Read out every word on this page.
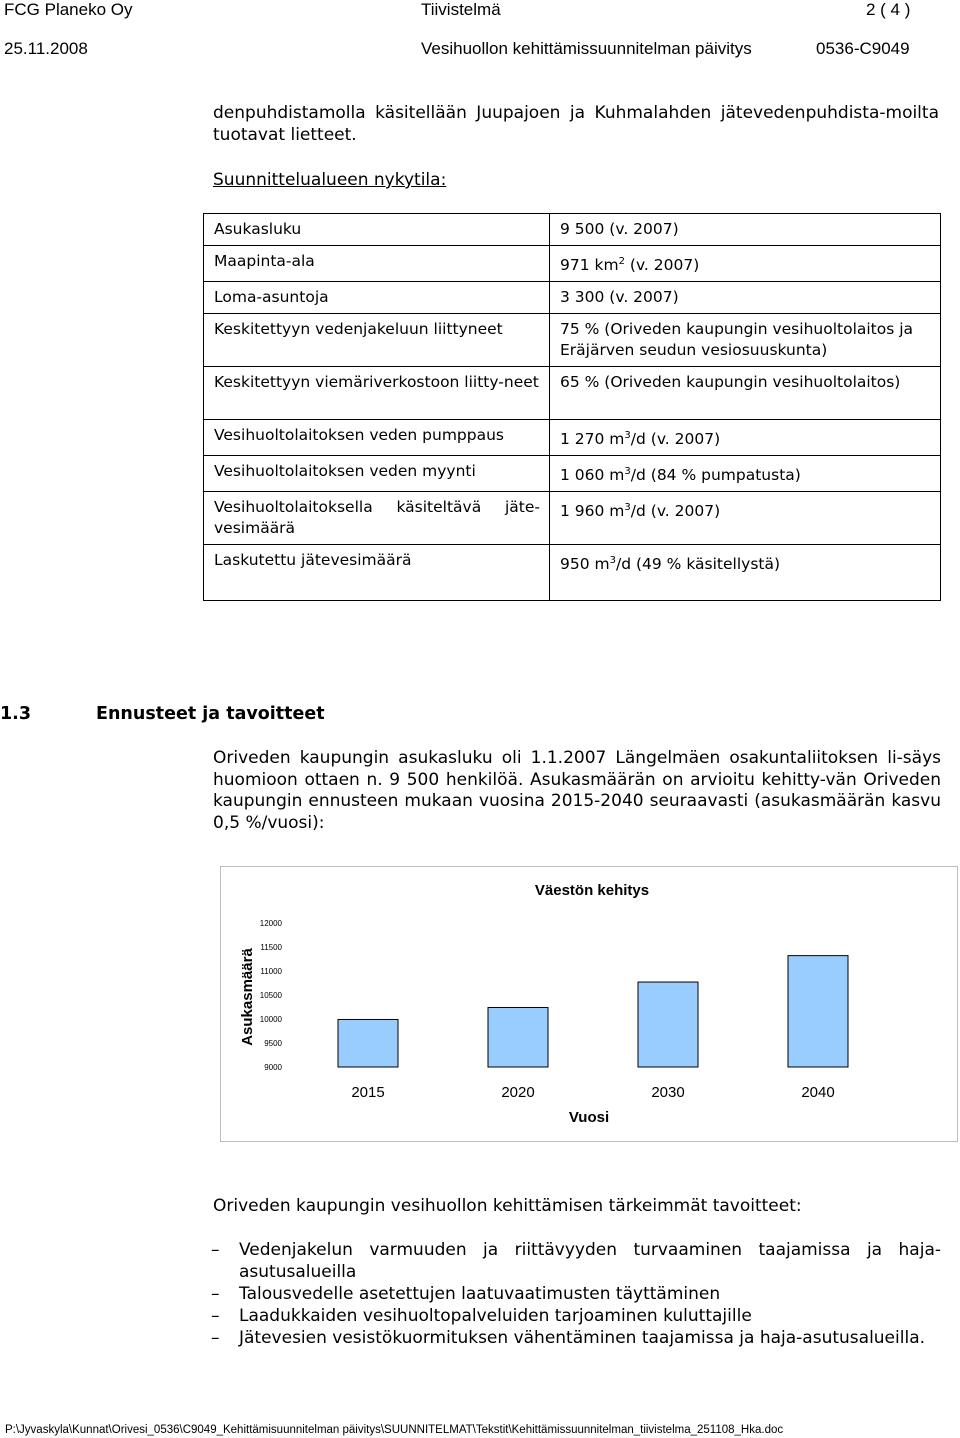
FCG Planeko Oy	Tiivistelmä	2 ( 4 )
25.11.2008	Vesihuollon kehittämissuunnitelman päivitys	0536-C9049
denpuhdistamolla käsitellään Juupajoen ja Kuhmalahden jätevedenpuhdista-moilta tuotavat lietteet.
Suunnittelualueen nykytila:
Asukasluku	9 500 (v. 2007)
Maapinta-ala	971 $km^2$ (v. 2007)
Loma-asuntoja	3 300 (v. 2007)
Keskitettyyn vedenjakeluun liittyneet	75 % (Oriveden kaupungin vesihuoltolaitos ja Eräjärven seudun vesiosuuskunta)
Keskitettyyn viemäriverkostoon liitty-neet	65 % (Oriveden kaupungin vesihuoltolaitos)
Vesihuoltolaitoksen veden pumppaus	1 270 $m^3/d$ (v. 2007)
Vesihuoltolaitoksen veden myynti	1 060 $m^3/d$ (84 % pumpatusta)
Vesihuoltolaitoksella käsiteltävä jäte-vesimäärä	1 960 $m^3/d$ (v. 2007)
Laskutettu jätevesimäärä	950 $m^3/d$ (49 % käsitellystä)
1.3	Ennusteet ja tavoitteet
Oriveden kaupungin asukasluku oli 1.1.2007 Längelmäen osakuntaliitoksen li-säys huomioon ottaen n. 9 500 henkilöä. Asukasmäärän on arvioitu kehitty-vän Oriveden kaupungin ennusteen mukaan vuosina 2015-2040 seuraavasti (asukasmäärän kasvu 0,5 %/vuosi):
Väestön kehitys
Asukasmäärä
Vuosi
9000
9500
10000
10500
11000
11500
12000
2015	2020	2030	2040
Oriveden kaupungin vesihuollon kehittämisen tärkeimmät tavoitteet:
– Vedenjakelun varmuuden ja riittävyyden turvaaminen taajamissa ja haja-asutusalueilla
– Talousvedelle asetettujen laatuvaatimusten täyttäminen
– Laadukkaiden vesihuoltopalveluiden tarjoaminen kuluttajille
– Jätevesien vesistökuormituksen vähentäminen taajamissa ja haja-asutusalueilla.
P:\Jyvaskyla\Kunnat\Orivesi_0536\C9049_Kehittämisuunnitelman päivitys\SUUNNITELMAT\Tekstit\Kehittämissuunnitelman_tiivistelma_251108_Hka.doc
